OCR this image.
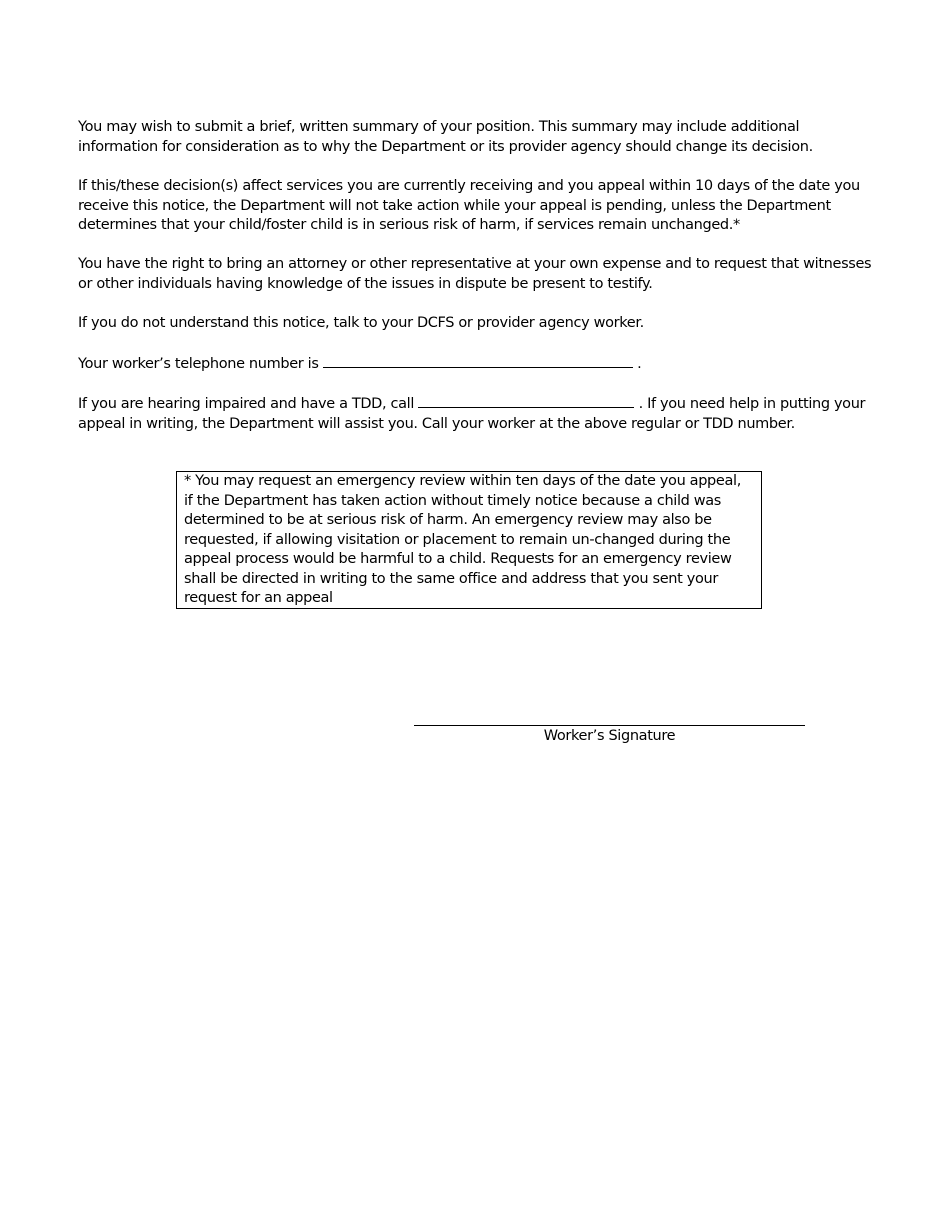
You may wish to submit a brief, written summary of your position. This summary may include additional information for consideration as to why the Department or its provider agency should change its decision.

If this/these decision(s) affect services you are currently receiving and you appeal within 10 days of the date you receive this notice, the Department will not take action while your appeal is pending, unless the Department determines that your child/foster child is in serious risk of harm, if services remain unchanged.*

You have the right to bring an attorney or other representative at your own expense and to request that witnesses or other individuals having knowledge of the issues in dispute be present to testify.

If you do not understand this notice, talk to your DCFS or provider agency worker.

Your worker’s telephone number is	.

If you are hearing impaired and have a TDD, call	. If you need help in putting your appeal in writing, the Department will assist you. Call your worker at the above regular or TDD number.

* You may request an emergency review within ten days of the date you appeal, if the Department has taken action without timely notice because a child was determined to be at serious risk of harm. An emergency review may also be requested, if allowing visitation or placement to remain un-changed during the appeal process would be harmful to a child. Requests for an emergency review shall be directed in writing to the same office and address that you sent your request for an appeal
Worker’s Signature
